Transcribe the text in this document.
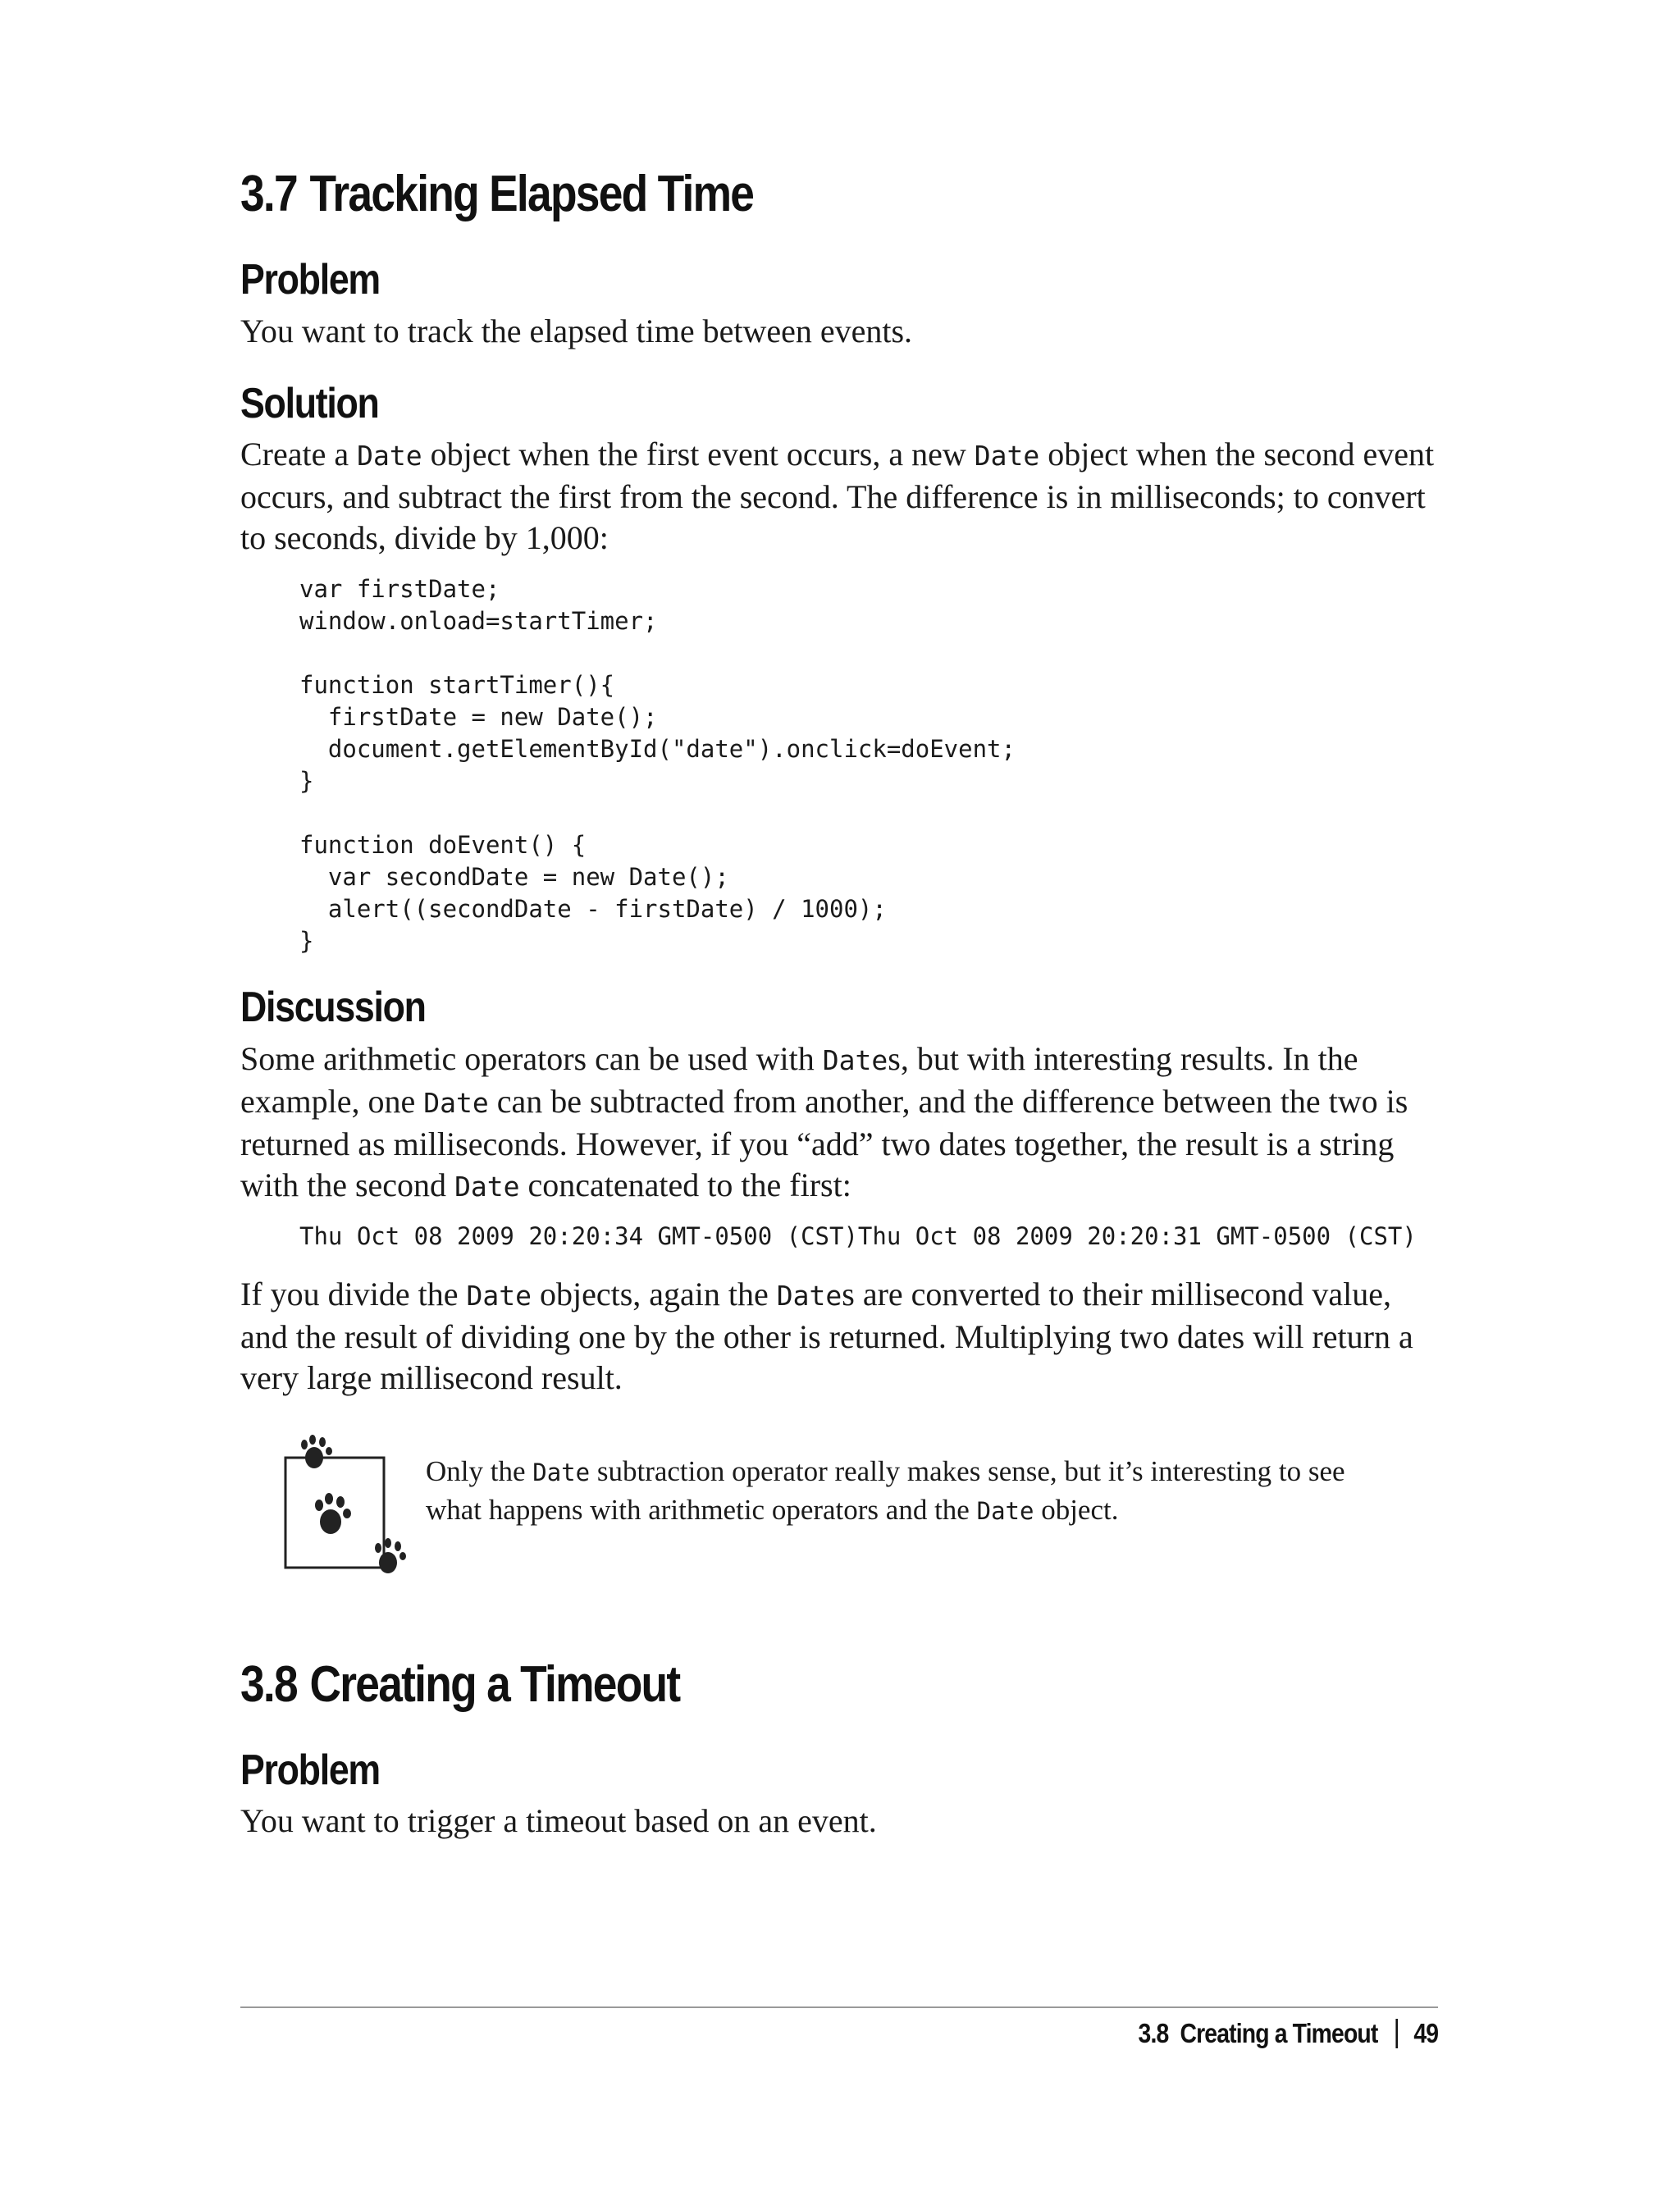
3.7 Tracking Elapsed Time
Problem

You want to track the elapsed time between events.

Solution

Create a Date object when the first event occurs, a new Date object when the second event occurs, and subtract the first from the second. The difference is in milliseconds; to convert to seconds, divide by 1,000:

var firstDate;
window.onload=startTimer;

function startTimer(){
firstDate = new Date();
document.getElementById("date").onclick=doEvent;
}

function doEvent() {
var secondDate = new Date();
alert((secondDate - firstDate) / 1000);
}
Discussion

Some arithmetic operators can be used with Dates, but with interesting results. In the example, one Date can be subtracted from another, and the difference between the two is returned as milliseconds. However, if you “add” two dates together, the result is a string with the second Date concatenated to the first:

Thu Oct 08 2009 20:20:34 GMT-0500 (CST)Thu Oct 08 2009 20:20:31 GMT-0500 (CST)

If you divide the Date objects, again the Dates are converted to their millisecond value, and the result of dividing one by the other is returned. Multiplying two dates will return a very large millisecond result.

Only the Date subtraction operator really makes sense, but it’s interesting to see what happens with arithmetic operators and the Date object.
3.8 Creating a Timeout
Problem

You want to trigger a timeout based on an event.

3.8  Creating a Timeout 49
